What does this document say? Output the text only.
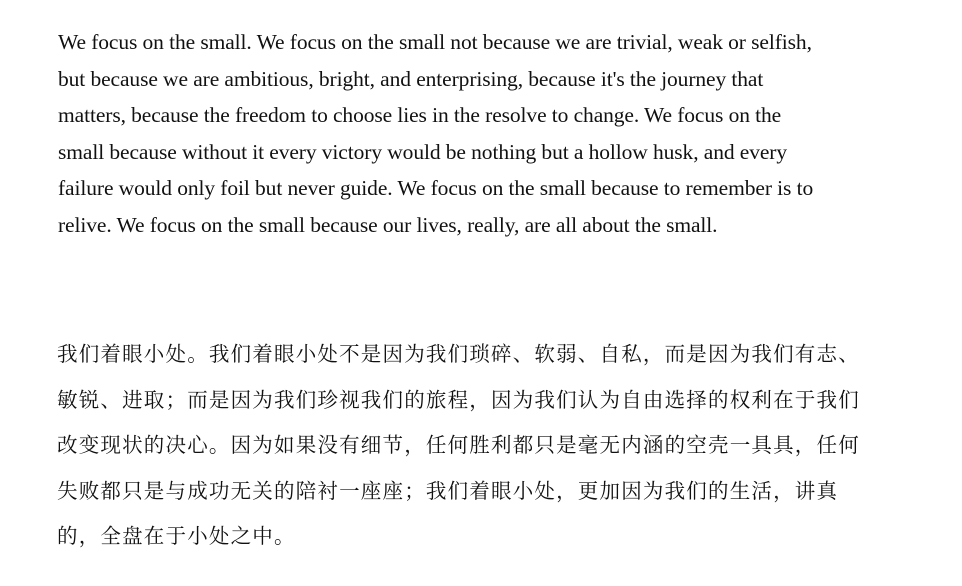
We focus on the small. We focus on the small not because we are trivial, weak or selfish,
but because we are ambitious, bright, and enterprising, because it's the journey that
matters, because the freedom to choose lies in the resolve to change. We focus on the
small because without it every victory would be nothing but a hollow husk, and every
failure would only foil but never guide. We focus on the small because to remember is to
relive. We focus on the small because our lives, really, are all about the small.

我们着眼小处。我们着眼小处不是因为我们琐碎、软弱、自私，而是因为我们有志、
敏锐、进取；而是因为我们珍视我们的旅程，因为我们认为自由选择的权利在于我们
改变现状的决心。因为如果没有细节，任何胜利都只是毫无内涵的空壳一具具，任何
失败都只是与成功无关的陪衬一座座；我们着眼小处，更加因为我们的生活，讲真
的，全盘在于小处之中。
